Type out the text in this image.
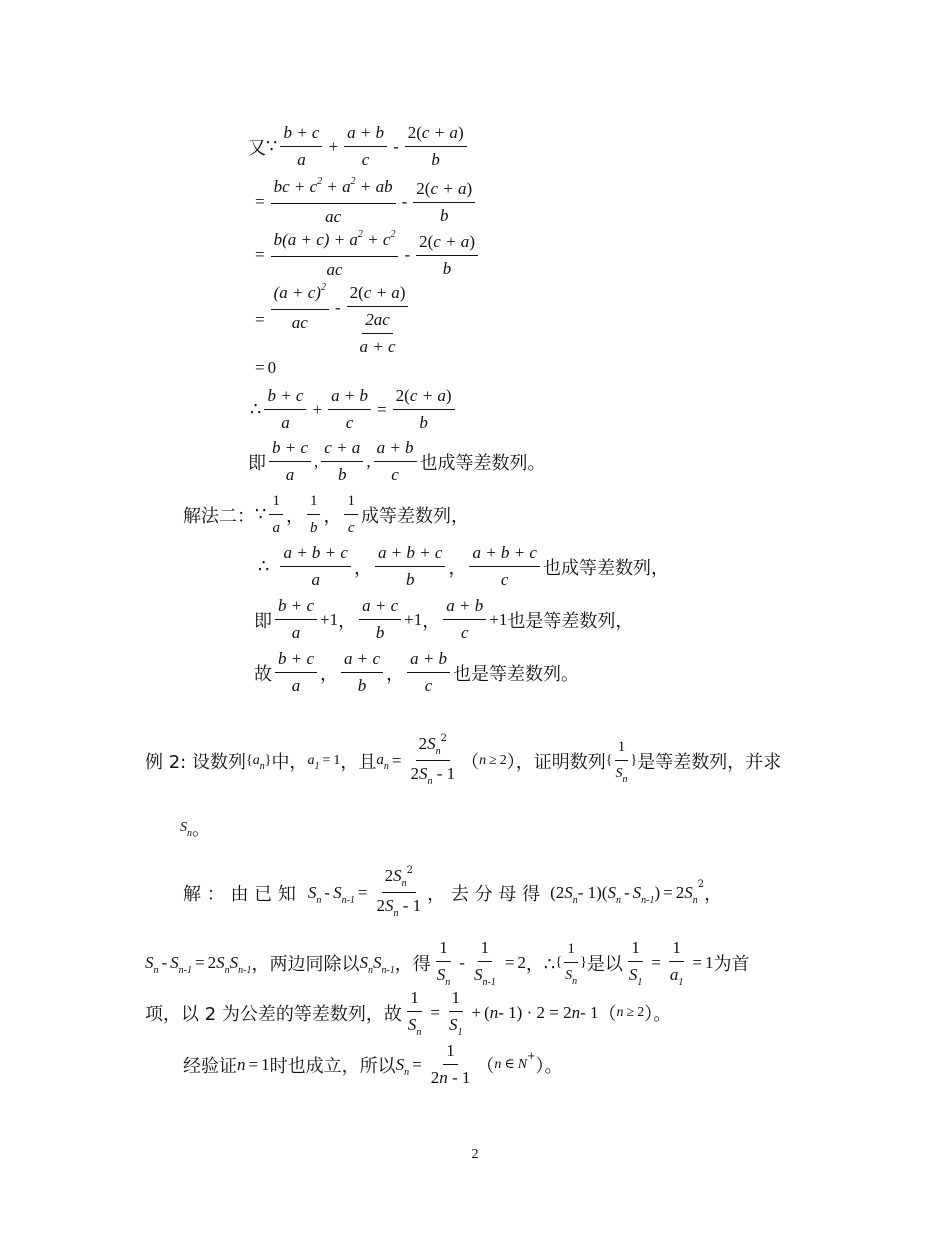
又 ∵ $\frac{b + c}{a} + \frac{a + b}{c} - \frac{2(c + a)}{b}$
= $\frac{bc + c^2 + a^2 + ab}{ac} - \frac{2(c + a)}{b}$
= $\frac{b(a + c) + a^2 + c^2}{ac} - \frac{2(c + a)}{b}$
= $\frac{(a + c)^2}{ac} - \frac{2(c + a)}{\frac{2ac}{a + c}}$
= 0
∴ $\frac{b + c}{a} + \frac{a + b}{c} = \frac{2(c + a)}{b}$
即 $\frac{b + c}{a}$ , $\frac{c + a}{b}$ , $\frac{a + b}{c}$ 也成等差数列。
解法二： ∵ $\frac{1}{a}$ ， $\frac{1}{b}$ ， $\frac{1}{c}$ 成等差数列，
∴ $\frac{a + b + c}{a}$ ， $\frac{a + b + c}{b}$ ， $\frac{a + b + c}{c}$ 也成等差数列，
即 $\frac{b + c}{a} +1$ ， $\frac{a + c}{b} +1$ ， $\frac{a + b}{c} +1$ 也是等差数列，
故 $\frac{b + c}{a}$ ， $\frac{a + c}{b}$ ， $\frac{a + b}{c}$ 也是等差数列。
例 2: 设数列 { $a_n$ } 中， $a_1 = 1$ ，且 $a_n = \frac{2S_n^2}{2S_n - 1}$ （ n ≥ 2 ），证明数列 { $\frac{1}{S_n}$ } 是等差数列，并求
$S_n$ 。
解 ： 由 已 知 $S_n - S_{n-1} = \frac{2S_n^2}{2S_n - 1}$ ， 去 分 母 得 (2 $S_n - 1$)( $S_n - S_{n-1}$ ) = 2 $S_n$
2 ，
$S_n - S_{n-1} = 2$ $S_nS_{n-1}$ ，两边同除以 $S_nS_{n-1}$ ，得 $\frac{1}{S_n} - \frac{1}{S_{n-1}} = 2$ ，∴ { $\frac{1}{S_n}$ } 是以 $\frac{1}{S_1} = \frac{1}{a_1} = 1$ 为首
项，以 2 为公差的等差数列，故 $\frac{1}{S_n} = \frac{1}{S_1}$ + ( n - 1) · 2 = 2 n - 1 （ n ≥ 2 ）。
经验证 n = 1 时也成立，所以 $S_n = \frac{1}{2n - 1}$ （ n ∈ N + ）。
2
